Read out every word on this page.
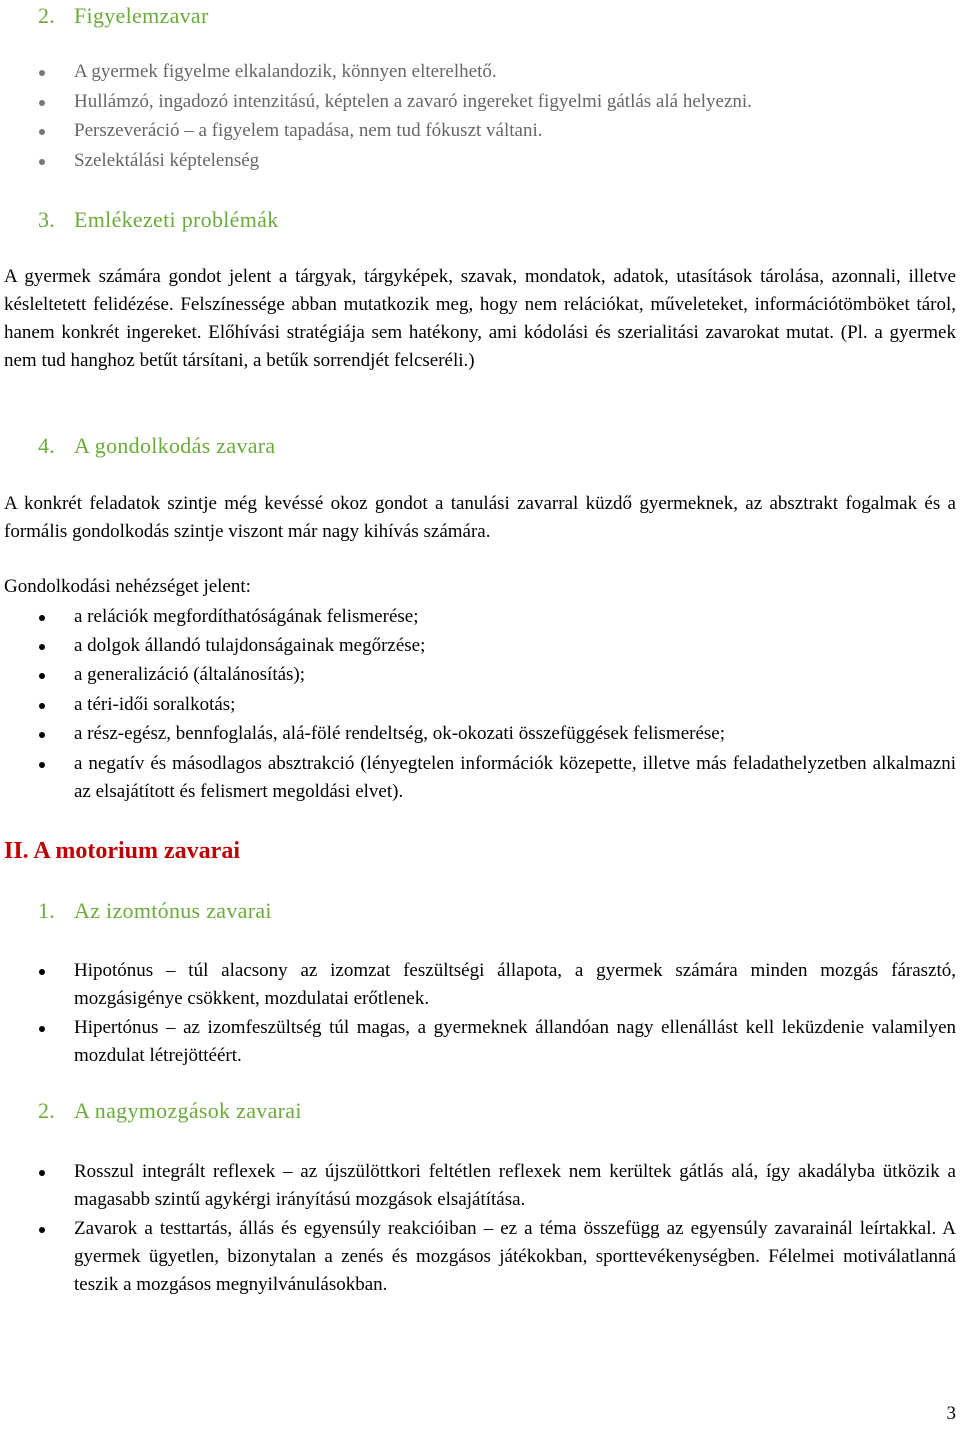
2. Figyelemzavar
A gyermek figyelme elkalandozik, könnyen elterelhető.
Hullámzó, ingadozó intenzitású, képtelen a zavaró ingereket figyelmi gátlás alá helyezni.
Perszeveráció – a figyelem tapadása, nem tud fókuszt váltani.
Szelektálási képtelenség
3. Emlékezeti problémák
A gyermek számára gondot jelent a tárgyak, tárgyképek, szavak, mondatok, adatok, utasítások tárolása, azonnali, illetve késleltetett felidézése. Felszínessége abban mutatkozik meg, hogy nem relációkat, műveleteket, információtömböket tárol, hanem konkrét ingereket. Előhívási stratégiája sem hatékony, ami kódolási és szerialitási zavarokat mutat. (Pl. a gyermek nem tud hanghoz betűt társítani, a betűk sorrendjét felcseréli.)
4. A gondolkodás zavara
A konkrét feladatok szintje még kevéssé okoz gondot a tanulási zavarral küzdő gyermeknek, az absztrakt fogalmak és a formális gondolkodás szintje viszont már nagy kihívás számára.
Gondolkodási nehézséget jelent:
a relációk megfordíthatóságának felismerése;
a dolgok állandó tulajdonságainak megőrzése;
a generalizáció (általánosítás);
a téri-idői soralkotás;
a rész-egész, bennfoglalás, alá-fölé rendeltség, ok-okozati összefüggések felismerése;
a negatív és másodlagos absztrakció (lényegtelen információk közepette, illetve más feladathelyzetben alkalmazni az elsajátított és felismert megoldási elvet).
II. A motorium zavarai
1. Az izomtónus zavarai
Hipotónus – túl alacsony az izomzat feszültségi állapota, a gyermek számára minden mozgás fárasztó, mozgásigénye csökkent, mozdulatai erőtlenek.
Hipertónus – az izomfeszültség túl magas, a gyermeknek állandóan nagy ellenállást kell leküzdenie valamilyen mozdulat létrejöttéért.
2. A nagymozgások zavarai
Rosszul integrált reflexek – az újszülöttkori feltétlen reflexek nem kerültek gátlás alá, így akadályba ütközik a magasabb szintű agykérgi irányítású mozgások elsajátítása.
Zavarok a testtartás, állás és egyensúly reakcióiban – ez a téma összefügg az egyensúly zavarainál leírtakkal. A gyermek ügyetlen, bizonytalan a zenés és mozgásos játékokban, sporttevékenységben. Félelmei motiválatlanná teszik a mozgásos megnyilvánulásokban.
3
